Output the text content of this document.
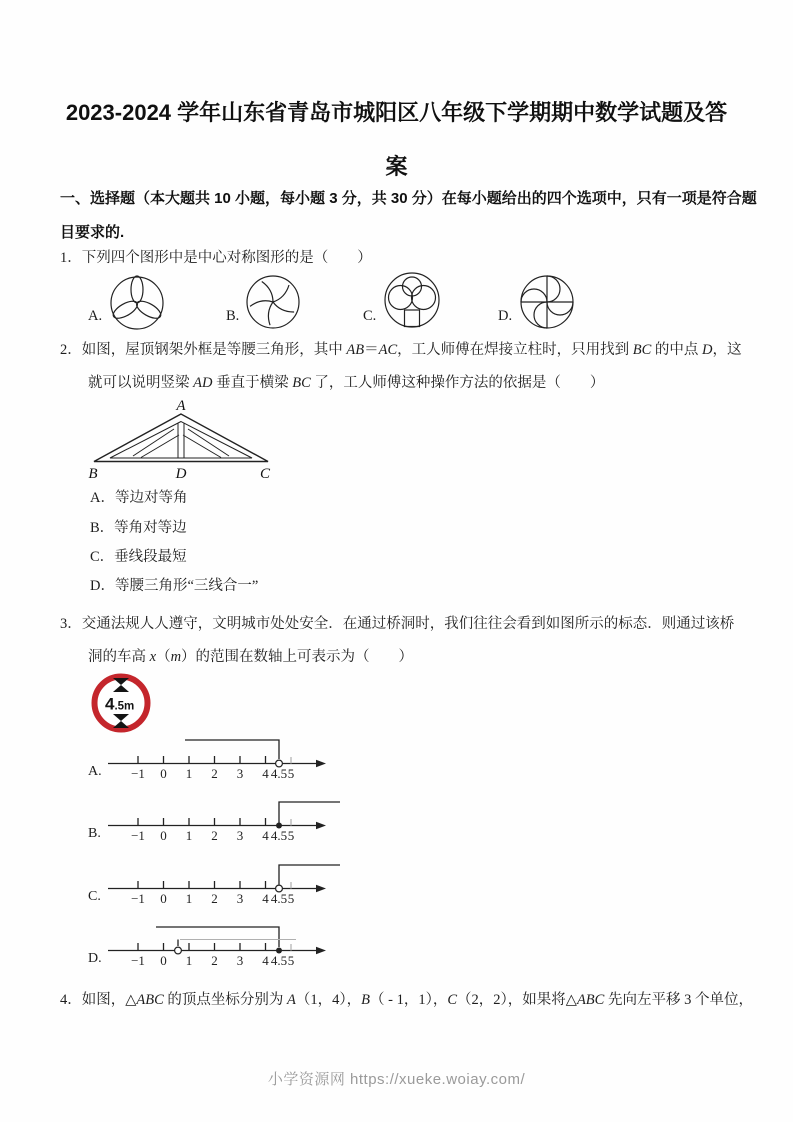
2023-2024 学年山东省青岛市城阳区八年级下学期期中数学试题及答
案
一、选择题（本大题共 10 小题，每小题 3 分，共 30 分）在每小题给出的四个选项中，只有一项是符合题
目要求的.
1．下列四个图形中是中心对称图形的是（　　）
A.	B.	C.	D.
2．如图，屋顶钢架外框是等腰三角形，其中 AB＝AC，工人师傅在焊接立柱时，只用找到 BC 的中点 D，这
就可以说明竖梁 AD 垂直于横梁 BC 了，工人师傅这种操作方法的依据是（　　）
A
B	D	C
A．等边对等角
B．等角对等边
C．垂线段最短
D．等腰三角形“三线合一”
3．交通法规人人遵守，文明城市处处安全．在通过桥洞时，我们往往会看到如图所示的标态．则通过该桥
洞的车高 x（m）的范围在数轴上可表示为（　　）
4.5m
A. −1 0 1 2 3 4 4.5 5
B. −1 0 1 2 3 4 4.5 5
C. −1 0 1 2 3 4 4.5 5
D. −1 0 1 2 3 4 4.5 5
4．如图，△ABC 的顶点坐标分别为 A（1，4），B（ - 1，1），C（2，2），如果将△ABC 先向左平移 3 个单位，
小学资源网 https://xueke.woiay.com/
